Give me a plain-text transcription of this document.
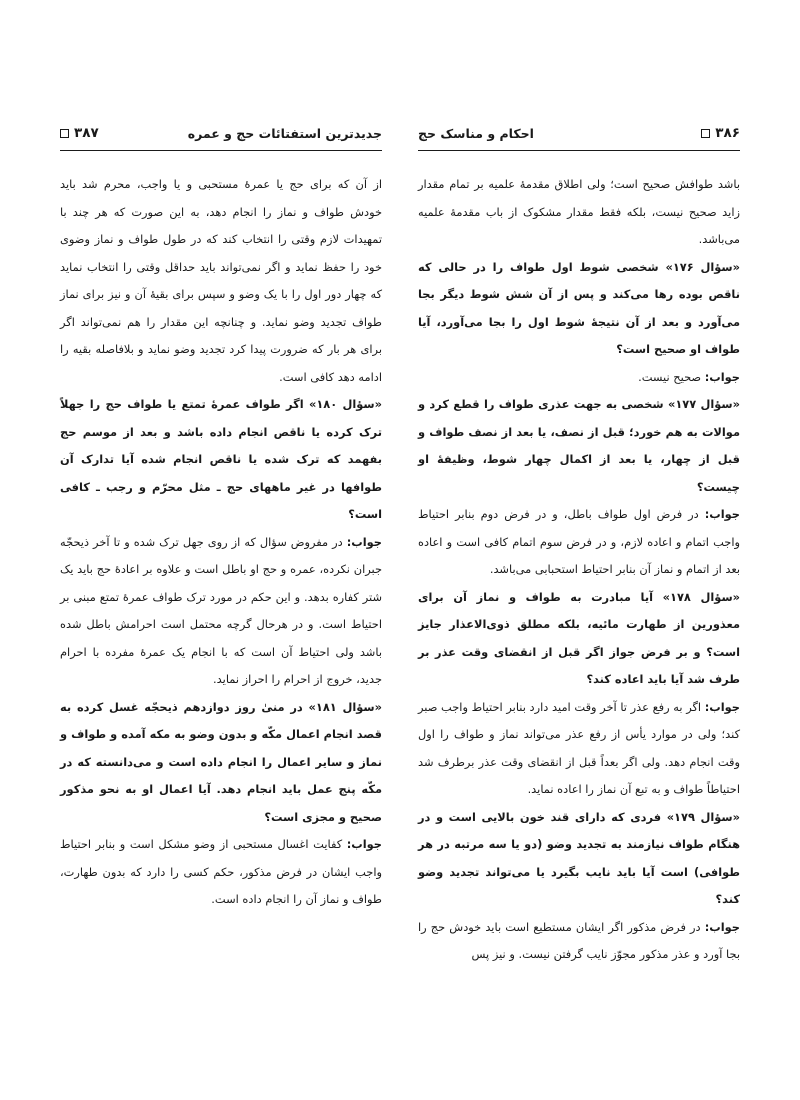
جدیدترین استفتائات حج و عمره
۳۸۷

از آن که برای حج یا عمرۀ مستحبی و یا واجب، محرم شد باید خودش طواف و نماز را انجام دهد، به این صورت که هر چند با تمهیدات لازم وقتی را انتخاب کند که در طول طواف و نماز وضوی خود را حفظ نماید و اگر نمی‌تواند باید حداقل وقتی را انتخاب نماید که چهار دور اول را با یک وضو و سپس برای بقیۀ آن و نیز برای نماز طواف تجدید وضو نماید. و چنانچه این مقدار را هم نمی‌تواند اگر برای هر بار که ضرورت پیدا کرد تجدید وضو نماید و بلافاصله بقیه را ادامه دهد کافی است.

«سؤال ۱۸۰» اگر طواف عمرۀ تمتع یا طواف حج را جهلاً ترک کرده یا ناقص انجام داده باشد و بعد از موسم حج بفهمد که ترک شده یا ناقص انجام شده آیا تدارک آن طوافها در غیر ماههای حج ـ مثل محرّم و رجب ـ کافی است؟

جواب: در مفروض سؤال که از روی جهل ترک شده و تا آخر ذیحجّه جبران نکرده، عمره و حج او باطل است و علاوه بر اعادۀ حج باید یک شتر کفاره بدهد. و این حکم در مورد ترک طواف عمرۀ تمتع مبنی بر احتیاط است. و در هرحال گرچه محتمل است احرامش باطل شده باشد ولی احتیاط آن است که با انجام یک عمرۀ مفرده با احرام جدید، خروج از احرام را احراز نماید.

«سؤال ۱۸۱» در منیٰ روز دوازدهم ذیحجّه غسل کرده به قصد انجام اعمال مکّه و بدون وضو به مکه آمده و طواف و نماز و سایر اعمال را انجام داده است و می‌دانسته که در مکّه پنج عمل باید انجام دهد. آیا اعمال او به نحو مذکور صحیح و مجزی است؟

جواب: کفایت اغسال مستحبی از وضو مشکل است و بنابر احتیاط واجب ایشان در فرض مذکور، حکم کسی را دارد که بدون طهارت، طواف و نماز آن را انجام داده است.

۳۸۶
احکام و مناسک حج

باشد طوافش صحیح است؛ ولی اطلاق مقدمۀ علمیه بر تمام مقدار زاید صحیح نیست، بلکه فقط مقدار مشکوک از باب مقدمۀ علمیه می‌باشد.

«سؤال ۱۷۶» شخصی شوط اول طواف را در حالی که ناقص بوده رها می‌کند و پس از آن شش شوط دیگر بجا می‌آورد و بعد از آن نتیجۀ شوط اول را بجا می‌آورد، آیا طواف او صحیح است؟

جواب: صحیح نیست.

«سؤال ۱۷۷» شخصی به جهت عذری طواف را قطع کرد و موالات به هم خورد؛ قبل از نصف، یا بعد از نصف طواف و قبل از چهار، یا بعد از اکمال چهار شوط، وظیفۀ او چیست؟

جواب: در فرض اول طواف باطل، و در فرض دوم بنابر احتیاط واجب اتمام و اعاده لازم، و در فرض سوم اتمام کافی است و اعاده بعد از اتمام و نماز آن بنابر احتیاط استحبابی می‌باشد.

«سؤال ۱۷۸» آیا مبادرت به طواف و نماز آن برای معذورین از طهارت مائیه، بلکه مطلق ذوی‌الاعذار جایز است؟ و بر فرض جواز اگر قبل از انقضای وقت عذر بر طرف شد آیا باید اعاده کند؟

جواب: اگر به رفع عذر تا آخر وقت امید دارد بنابر احتیاط واجب صبر کند؛ ولی در موارد یأس از رفع عذر می‌تواند نماز و طواف را اول وقت انجام دهد. ولی اگر بعداً قبل از انقضای وقت عذر برطرف شد احتیاطاً طواف و به تبع آن نماز را اعاده نماید.

«سؤال ۱۷۹» فردی که دارای قند خون بالایی است و در هنگام طواف نیازمند به تجدید وضو (دو یا سه مرتبه در هر طوافی) است آیا باید نایب بگیرد یا می‌تواند تجدید وضو کند؟

جواب: در فرض مذکور اگر ایشان مستطیع است باید خودش حج را بجا آورد و عذر مذکور مجوّز نایب گرفتن نیست. و نیز پس
